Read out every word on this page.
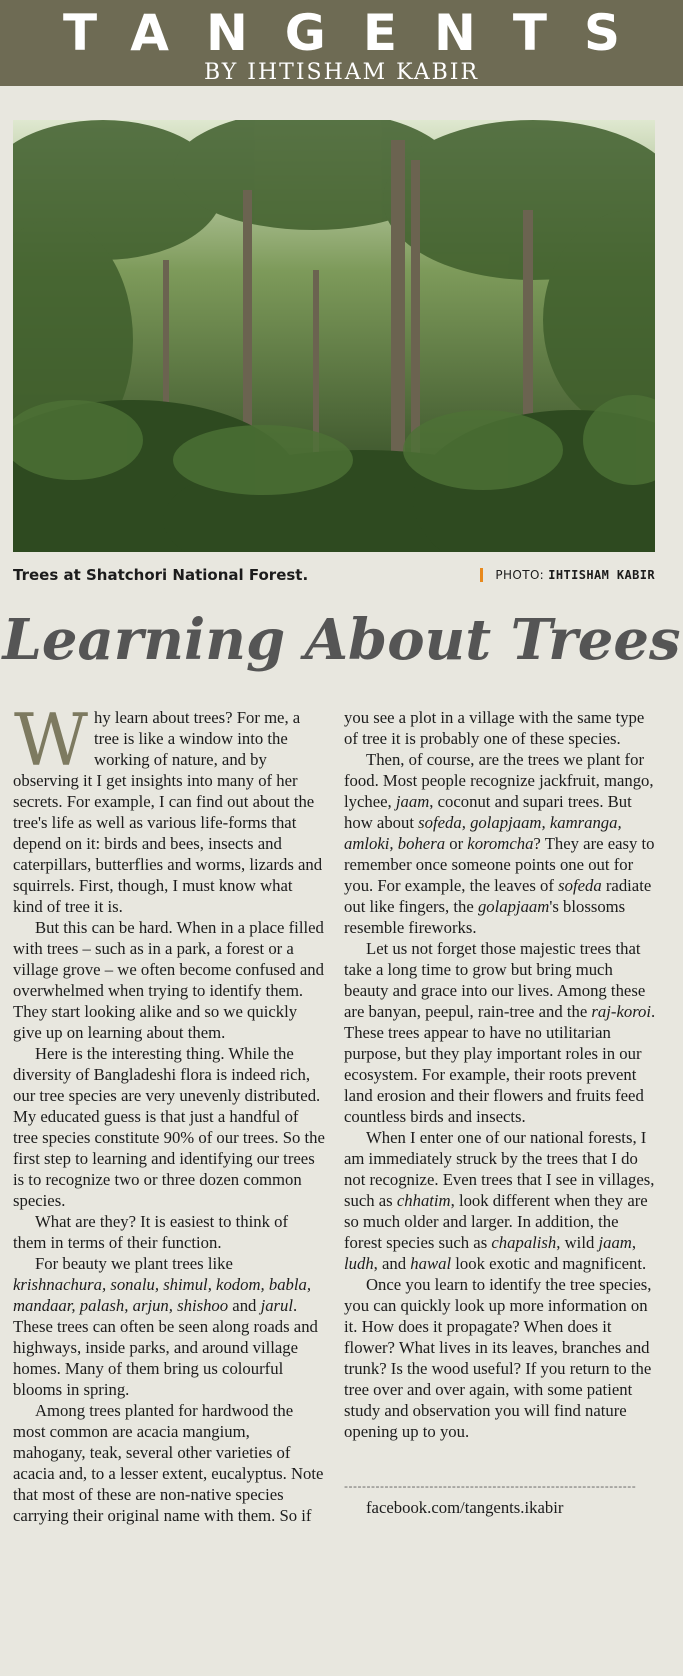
TANGENTS
BY IHTISHAM KABIR
Trees at Shatchori National Forest.	PHOTO: IHTISHAM KABIR
Learning About Trees

Why learn about trees? For me, a tree is like a window into the working of nature, and by observing it I get insights into many of her secrets. For example, I can find out about the tree's life as well as various life-forms that depend on it: birds and bees, insects and caterpillars, butterflies and worms, lizards and squirrels. First, though, I must know what kind of tree it is.

But this can be hard. When in a place filled with trees – such as in a park, a forest or a village grove – we often become confused and overwhelmed when trying to identify them. They start looking alike and so we quickly give up on learning about them.

Here is the interesting thing. While the diversity of Bangladeshi flora is indeed rich, our tree species are very unevenly distributed. My educated guess is that just a handful of tree species constitute 90% of our trees. So the first step to learning and identifying our trees is to recognize two or three dozen common species.

What are they? It is easiest to think of them in terms of their function.

For beauty we plant trees like krishnachura, sonalu, shimul, kodom, babla, mandaar, palash, arjun, shishoo and jarul. These trees can often be seen along roads and highways, inside parks, and around village homes. Many of them bring us colourful blooms in spring.

Among trees planted for hardwood the most common are acacia mangium, mahogany, teak, several other varieties of acacia and, to a lesser extent, eucalyptus. Note that most of these are non-native species carrying their original name with them. So if

you see a plot in a village with the same type of tree it is probably one of these species.

Then, of course, are the trees we plant for food. Most people recognize jackfruit, mango, lychee, jaam, coconut and supari trees. But how about sofeda, golapjaam, kamranga, amloki, bohera or koromcha? They are easy to remember once someone points one out for you. For example, the leaves of sofeda radiate out like fingers, the golapjaam's blossoms resemble fireworks.

Let us not forget those majestic trees that take a long time to grow but bring much beauty and grace into our lives. Among these are banyan, peepul, rain-tree and the raj-koroi. These trees appear to have no utilitarian purpose, but they play important roles in our ecosystem. For example, their roots prevent land erosion and their flowers and fruits feed countless birds and insects.

When I enter one of our national forests, I am immediately struck by the trees that I do not recognize. Even trees that I see in villages, such as chhatim, look different when they are so much older and larger. In addition, the forest species such as chapalish, wild jaam, ludh, and hawal look exotic and magnificent.

Once you learn to identify the tree species, you can quickly look up more information on it. How does it propagate? When does it flower? What lives in its leaves, branches and trunk? Is the wood useful? If you return to the tree over and over again, with some patient study and observation you will find nature opening up to you.

-----------------------------------------------------------------

facebook.com/tangents.ikabir
